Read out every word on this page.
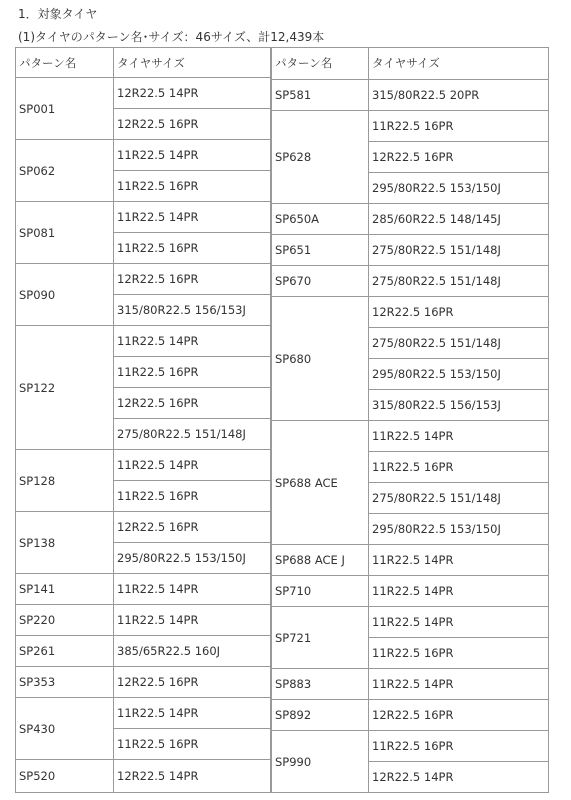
1．対象タイヤ
(1)タイヤのパターン名･サイズ：46サイズ、計12,439本
パターン名	タイヤサイズ
SP001	12R22.5 14PR
	12R22.5 16PR
SP062	11R22.5 14PR
	11R22.5 16PR
SP081	11R22.5 14PR
	11R22.5 16PR
SP090	12R22.5 16PR
	315/80R22.5 156/153J
SP122	11R22.5 14PR
	11R22.5 16PR
	12R22.5 16PR
	275/80R22.5 151/148J
SP128	11R22.5 14PR
	11R22.5 16PR
SP138	12R22.5 16PR
	295/80R22.5 153/150J
SP141	11R22.5 14PR
SP220	11R22.5 14PR
SP261	385/65R22.5 160J
SP353	12R22.5 16PR
SP430	11R22.5 14PR
	11R22.5 16PR
SP520	12R22.5 14PR
パターン名	タイヤサイズ
SP581	315/80R22.5 20PR
SP628	11R22.5 16PR
	12R22.5 16PR
	295/80R22.5 153/150J
SP650A	285/60R22.5 148/145J
SP651	275/80R22.5 151/148J
SP670	275/80R22.5 151/148J
SP680	12R22.5 16PR
	275/80R22.5 151/148J
	295/80R22.5 153/150J
	315/80R22.5 156/153J
SP688 ACE	11R22.5 14PR
	11R22.5 16PR
	275/80R22.5 151/148J
	295/80R22.5 153/150J
SP688 ACE J	11R22.5 14PR
SP710	11R22.5 14PR
SP721	11R22.5 14PR
	11R22.5 16PR
SP883	11R22.5 14PR
SP892	12R22.5 16PR
SP990	11R22.5 16PR
	12R22.5 14PR
